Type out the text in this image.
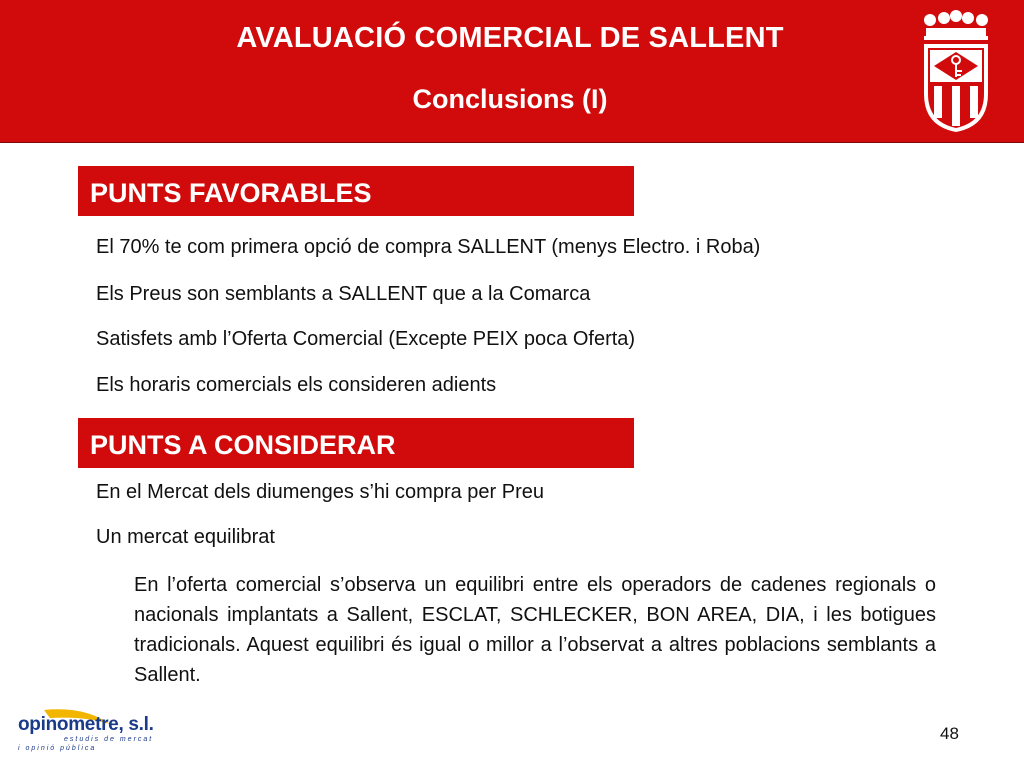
AVALUACIÓ COMERCIAL DE SALLENT
Conclusions (I)
PUNTS FAVORABLES
El 70% te com primera opció de compra SALLENT (menys Electro. i Roba)
Els Preus son semblants a SALLENT que a la Comarca
Satisfets amb l’Oferta Comercial (Excepte PEIX poca Oferta)
Els horaris comercials els consideren adients
PUNTS A CONSIDERAR
En el Mercat dels diumenges s’hi compra per Preu
Un mercat equilibrat
En l’oferta comercial s’observa un equilibri entre els operadors de cadenes regionals o nacionals implantats a Sallent, ESCLAT, SCHLECKER, BON AREA, DIA, i les botigues tradicionals. Aquest equilibri és igual o millor a l’observat a altres poblacions semblants a Sallent.
opinometre, s.l.
estudis de mercat
i opinió pública
48
